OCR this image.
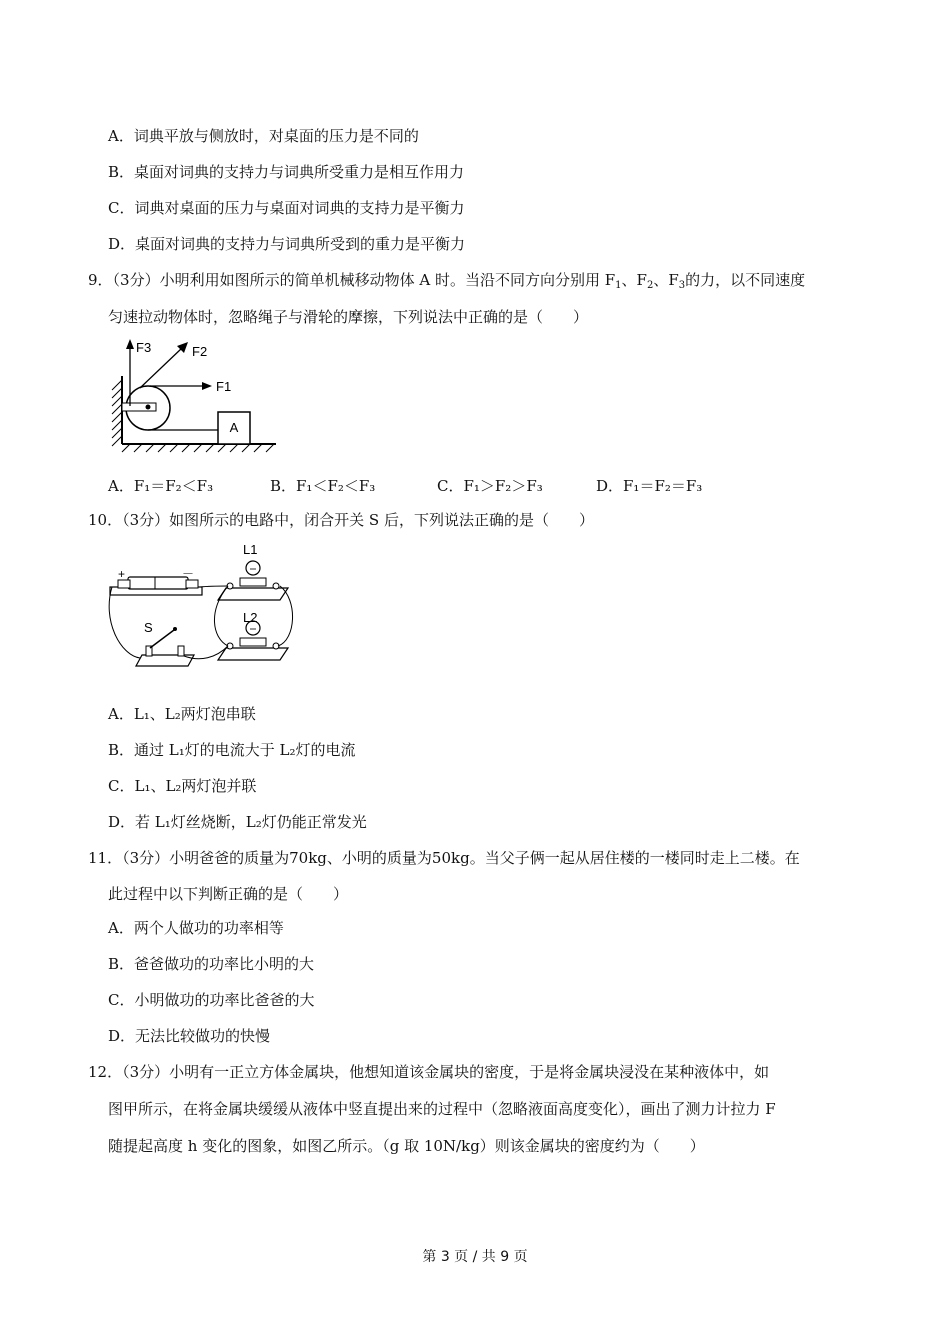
A．词典平放与侧放时，对桌面的压力是不同的
B．桌面对词典的支持力与词典所受重力是相互作用力
C．词典对桌面的压力与桌面对词典的支持力是平衡力
D．桌面对词典的支持力与词典所受到的重力是平衡力
9．（3分）小明利用如图所示的简单机械移动物体 A 时。当沿不同方向分别用 $F_1$、$F_2$、$F_3$的力，以不同速度
匀速拉动物体时，忽略绳子与滑轮的摩擦，下列说法中正确的是（　　）
A
F3	F2
F1
A．F₁＝F₂＜F₃	B．F₁＜F₂＜F₃	C．F₁＞F₂＞F₃	D．F₁＝F₂＝F₃
10．（3分）如图所示的电路中，闭合开关 S 后，下列说法正确的是（　　）
+	－
L1
L2
S
A．L₁、L₂两灯泡串联
B．通过 L₁灯的电流大于 L₂灯的电流
C．L₁、L₂两灯泡并联
D．若 L₁灯丝烧断，L₂灯仍能正常发光
11．（3分）小明爸爸的质量为70kg、小明的质量为50kg。当父子俩一起从居住楼的一楼同时走上二楼。在
此过程中以下判断正确的是（　　）
A．两个人做功的功率相等
B．爸爸做功的功率比小明的大
C．小明做功的功率比爸爸的大
D．无法比较做功的快慢
12．（3分）小明有一正立方体金属块，他想知道该金属块的密度，于是将金属块浸没在某种液体中，如
图甲所示，在将金属块缓缓从液体中竖直提出来的过程中（忽略液面高度变化），画出了测力计拉力 F
随提起高度 h 变化的图象，如图乙所示。（g 取 10N/kg）则该金属块的密度约为（　　）
第 3 页 / 共 9 页
